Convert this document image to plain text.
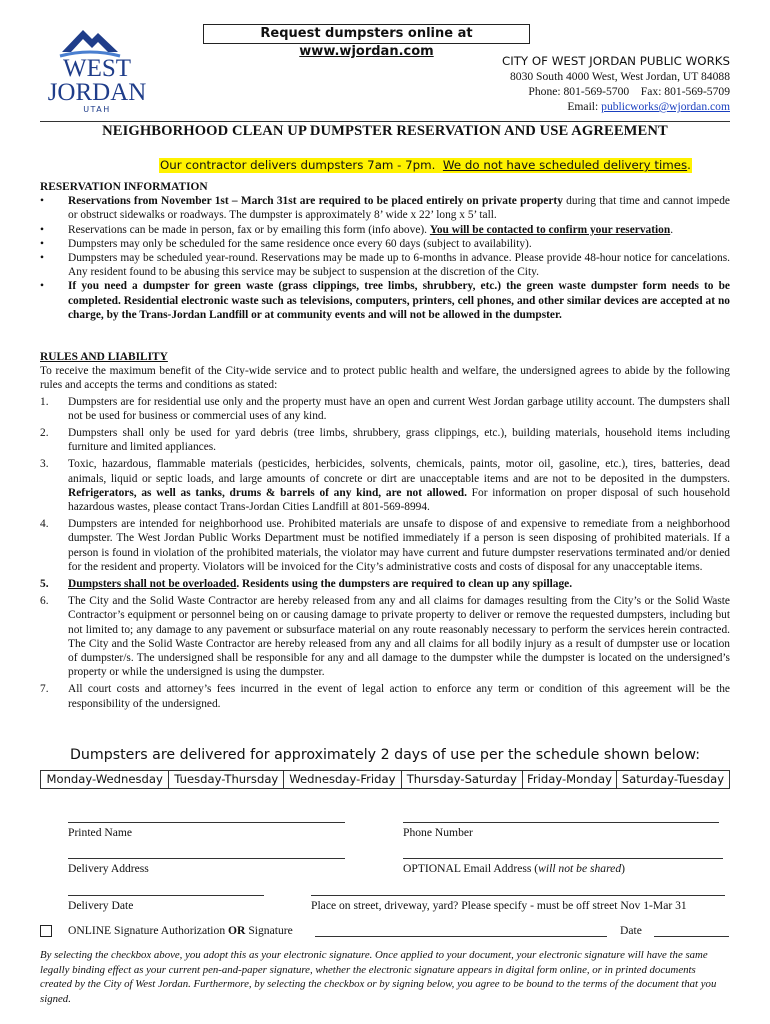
Request dumpsters online at www.wjordan.com
WEST
JORDAN
UTAH
CITY OF WEST JORDAN PUBLIC WORKS
8030 South 4000 West, West Jordan, UT 84088
Phone: 801-569-5700 Fax: 801-569-5709
Email: publicworks@wjordan.com
NEIGHBORHOOD CLEAN UP DUMPSTER RESERVATION AND USE AGREEMENT
Our contractor delivers dumpsters 7am - 7pm. We do not have scheduled delivery times.
RESERVATION INFORMATION
• Reservations from November 1st – March 31st are required to be placed entirely on private property during that time and cannot impede or obstruct sidewalks or roadways. The dumpster is approximately 8’ wide x 22’ long x 5’ tall.
• Reservations can be made in person, fax or by emailing this form (info above). You will be contacted to confirm your reservation.
• Dumpsters may only be scheduled for the same residence once every 60 days (subject to availability).
• Dumpsters may be scheduled year-round. Reservations may be made up to 6-months in advance. Please provide 48-hour notice for cancelations. Any resident found to be abusing this service may be subject to suspension at the discretion of the City.
• If you need a dumpster for green waste (grass clippings, tree limbs, shrubbery, etc.) the green waste dumpster form needs to be completed. Residential electronic waste such as televisions, computers, printers, cell phones, and other similar devices are accepted at no charge, by the Trans-Jordan Landfill or at community events and will not be allowed in the dumpster.
RULES AND LIABILITY
To receive the maximum benefit of the City-wide service and to protect public health and welfare, the undersigned agrees to abide by the following rules and accepts the terms and conditions as stated:
1. Dumpsters are for residential use only and the property must have an open and current West Jordan garbage utility account. The dumpsters shall not be used for business or commercial uses of any kind.
2. Dumpsters shall only be used for yard debris (tree limbs, shrubbery, grass clippings, etc.), building materials, household items including furniture and limited appliances.
3. Toxic, hazardous, flammable materials (pesticides, herbicides, solvents, chemicals, paints, motor oil, gasoline, etc.), tires, batteries, dead animals, liquid or septic loads, and large amounts of concrete or dirt are unacceptable items and are not to be deposited in the dumpsters. Refrigerators, as well as tanks, drums & barrels of any kind, are not allowed. For information on proper disposal of such household hazardous wastes, please contact Trans-Jordan Cities Landfill at 801-569-8994.
4. Dumpsters are intended for neighborhood use. Prohibited materials are unsafe to dispose of and expensive to remediate from a neighborhood dumpster. The West Jordan Public Works Department must be notified immediately if a person is seen disposing of prohibited materials. If a person is found in violation of the prohibited materials, the violator may have current and future dumpster reservations terminated and/or denied for the resident and property. Violators will be invoiced for the City’s administrative costs and costs of disposal for any unacceptable items.
5. Dumpsters shall not be overloaded. Residents using the dumpsters are required to clean up any spillage.
6. The City and the Solid Waste Contractor are hereby released from any and all claims for damages resulting from the City’s or the Solid Waste Contractor’s equipment or personnel being on or causing damage to private property to deliver or remove the requested dumpsters, including but not limited to; any damage to any pavement or subsurface material on any route reasonably necessary to perform the services herein contracted. The City and the Solid Waste Contractor are hereby released from any and all claims for all bodily injury as a result of dumpster use or location of dumpster/s. The undersigned shall be responsible for any and all damage to the dumpster while the dumpster is located on the undersigned’s property or while the undersigned is using the dumpster.
7. All court costs and attorney’s fees incurred in the event of legal action to enforce any term or condition of this agreement will be the responsibility of the undersigned.
Dumpsters are delivered for approximately 2 days of use per the schedule shown below:
Monday-Wednesday	Tuesday-Thursday	Wednesday-Friday	Thursday-Saturday	Friday-Monday	Saturday-Tuesday
Printed Name	Phone Number
Delivery Address	OPTIONAL Email Address (will not be shared)
Delivery Date	Place on street, driveway, yard? Please specify - must be off street Nov 1-Mar 31
ONLINE Signature Authorization OR Signature	Date
By selecting the checkbox above, you adopt this as your electronic signature. Once applied to your document, your electronic signature will have the same legally binding effect as your current pen-and-paper signature, whether the electronic signature appears in digital form online, or in printed documents created by the City of West Jordan. Furthermore, by selecting the checkbox or by signing below, you agree to be bound to the terms of the document that you signed.
